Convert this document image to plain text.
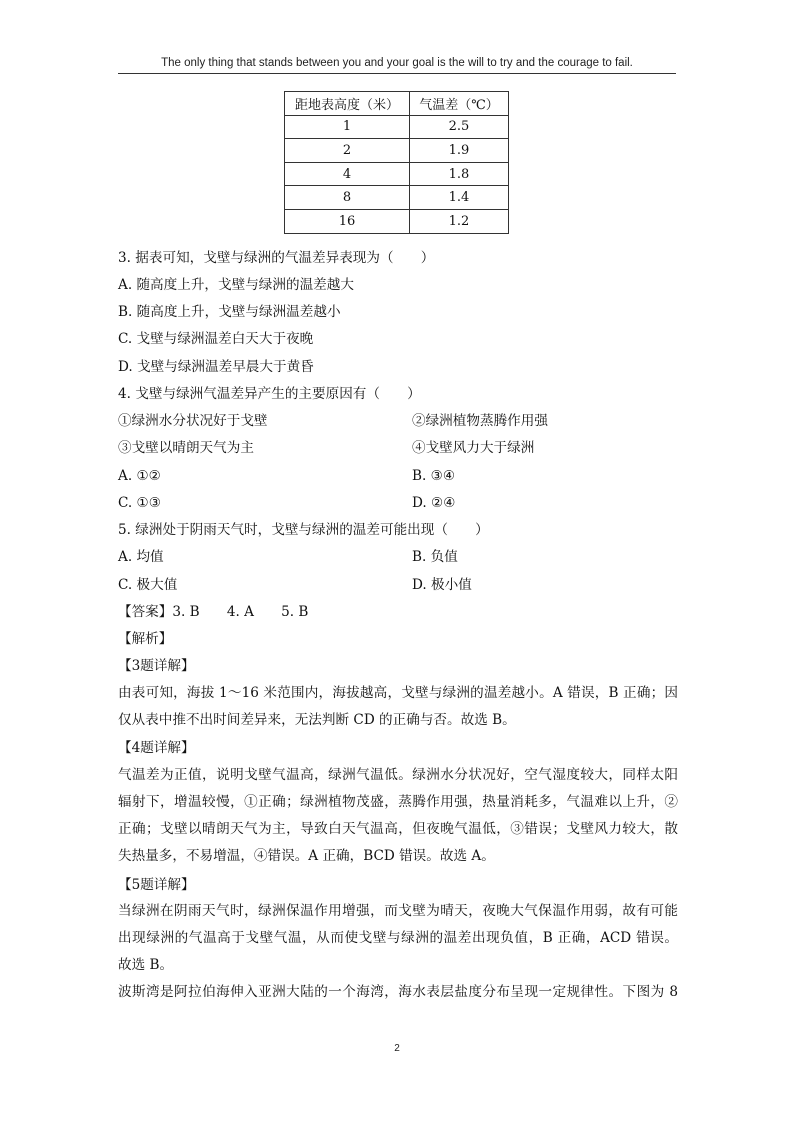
The only thing that stands between you and your goal is the will to try and the courage to fail.
距地表高度（米）	气温差（℃）
1	2.5
2	1.9
4	1.8
8	1.4
16	1.2
3. 据表可知，戈壁与绿洲的气温差异表现为（　　）
A. 随高度上升，戈壁与绿洲的温差越大
B. 随高度上升，戈壁与绿洲温差越小
C. 戈壁与绿洲温差白天大于夜晚
D. 戈壁与绿洲温差早晨大于黄昏
4. 戈壁与绿洲气温差异产生的主要原因有（　　）
①绿洲水分状况好于戈壁	②绿洲植物蒸腾作用强
③戈壁以晴朗天气为主	④戈壁风力大于绿洲
A. ①②	B. ③④
C. ①③	D. ②④
5. 绿洲处于阴雨天气时，戈壁与绿洲的温差可能出现（　　）
A. 均值	B. 负值
C. 极大值	D. 极小值
【答案】3. B　　4. A　　5. B
【解析】
【3题详解】
由表可知，海拔 1～16 米范围内，海拔越高，戈壁与绿洲的温差越小。A 错误，B 正确；因
仅从表中推不出时间差异来，无法判断 CD 的正确与否。故选 B。
【4题详解】
气温差为正值，说明戈壁气温高，绿洲气温低。绿洲水分状况好，空气湿度较大，同样太阳
辐射下，增温较慢，①正确；绿洲植物茂盛，蒸腾作用强，热量消耗多，气温难以上升，②
正确；戈壁以晴朗天气为主，导致白天气温高，但夜晚气温低，③错误；戈壁风力较大，散
失热量多，不易增温，④错误。A 正确，BCD 错误。故选 A。
【5题详解】
当绿洲在阴雨天气时，绿洲保温作用增强，而戈壁为晴天，夜晚大气保温作用弱，故有可能
出现绿洲的气温高于戈壁气温，从而使戈壁与绿洲的温差出现负值，B 正确，ACD 错误。
故选 B。
波斯湾是阿拉伯海伸入亚洲大陆的一个海湾，海水表层盐度分布呈现一定规律性。下图为 8
2
